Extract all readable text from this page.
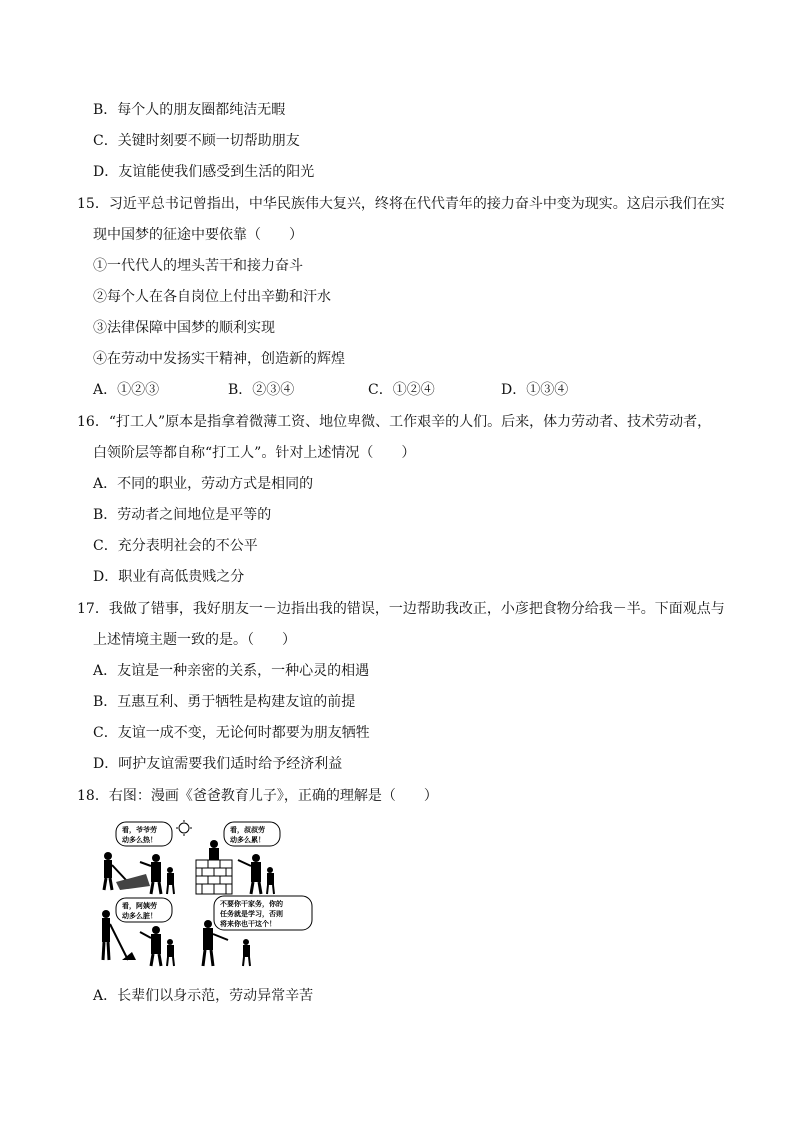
B．每个人的朋友圈都纯洁无暇
C．关键时刻要不顾一切帮助朋友
D．友谊能使我们感受到生活的阳光
15．习近平总书记曾指出，中华民族伟大复兴，终将在代代青年的接力奋斗中变为现实。这启示我们在实
现中国梦的征途中要依靠（　　）
①一代代人的埋头苦干和接力奋斗
②每个人在各自岗位上付出辛勤和汗水
③法律保障中国梦的顺利实现
④在劳动中发扬实干精神，创造新的辉煌
A．①②③	B．②③④	C．①②④	D．①③④
16．“打工人”原本是指拿着微薄工资、地位卑微、工作艰辛的人们。后来，体力劳动者、技术劳动者，
白领阶层等都自称“打工人”。针对上述情况（　　）
A．不同的职业，劳动方式是相同的
B．劳动者之间地位是平等的
C．充分表明社会的不公平
D．职业有高低贵贱之分
17．我做了错事，我好朋友一－边指出我的错误，一边帮助我改正，小彦把食物分给我－半。下面观点与
上述情境主题一致的是。（　　）
A．友谊是一种亲密的关系，一种心灵的相遇
B．互惠互利、勇于牺牲是构建友谊的前提
C．友谊一成不变，无论何时都要为朋友牺牲
D．呵护友谊需要我们适时给予经济利益
18．右图：漫画《爸爸教育儿子》，正确的理解是（　　）
看，爷爷劳
动多么热！
看，叔叔劳
动多么累！
看，阿姨劳
动多么脏！
不要你干家务，你的
任务就是学习，否则
将来你也干这个！
A．长辈们以身示范，劳动异常辛苦
